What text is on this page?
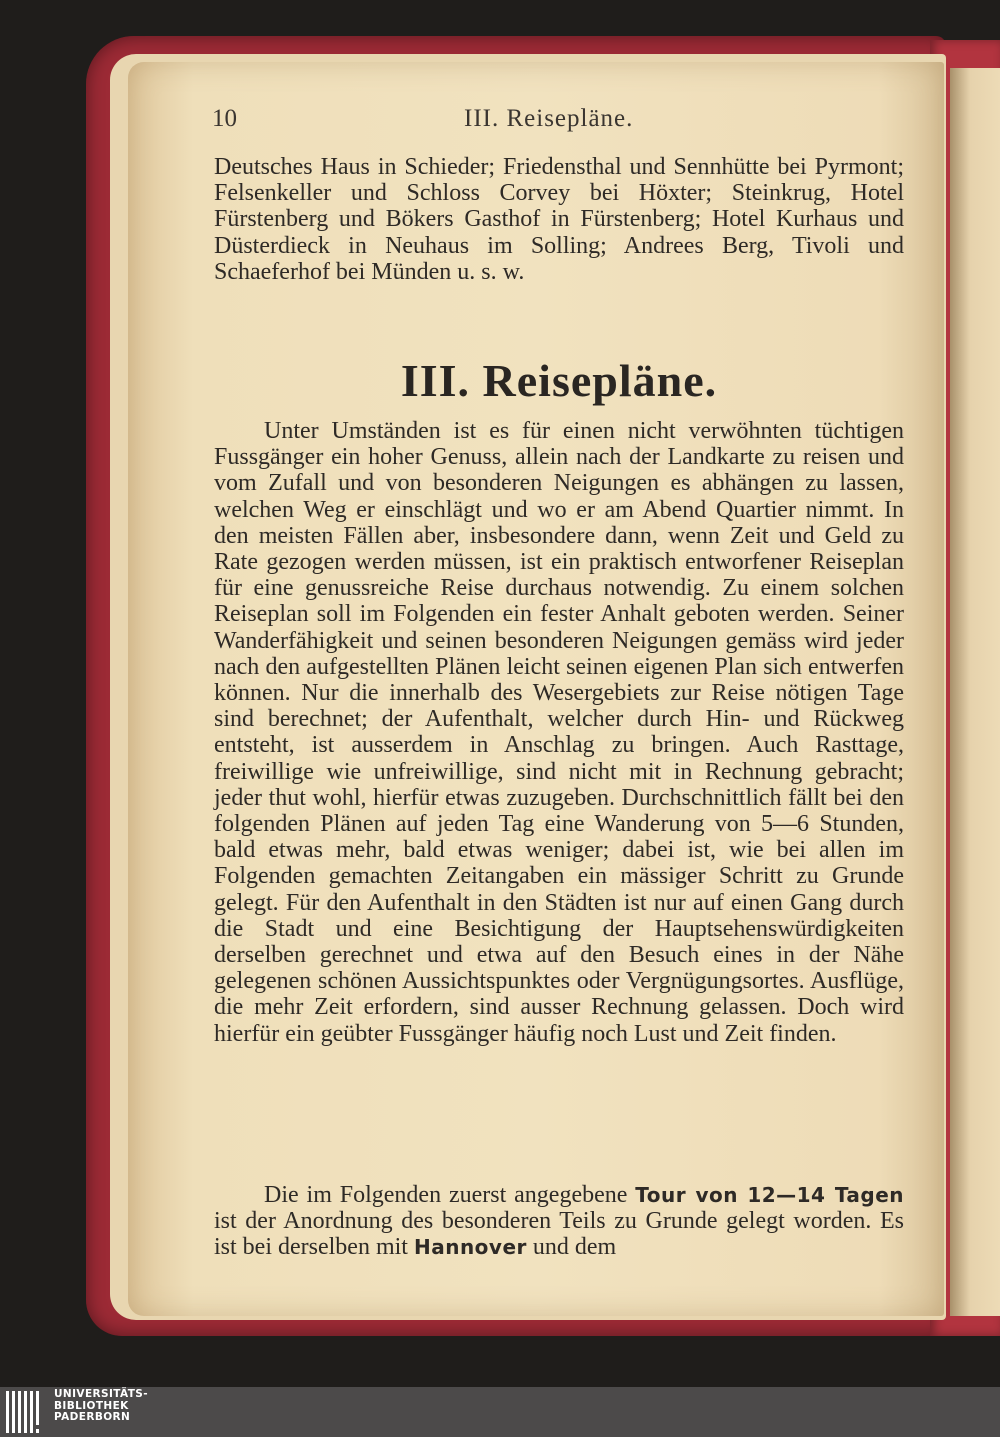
10	III. Reisepläne.
Deutsches Haus in Schieder; Friedensthal und Sennhütte bei Pyrmont; Felsenkeller und Schloss Corvey bei Höxter; Steinkrug, Hotel Fürstenberg und Bökers Gasthof in Fürstenberg; Hotel Kurhaus und Düsterdieck in Neuhaus im Solling; Andrees Berg, Tivoli und Schaeferhof bei Münden u. s. w.
III. Reisepläne.
Unter Umständen ist es für einen nicht verwöhnten tüchtigen Fussgänger ein hoher Genuss, allein nach der Landkarte zu reisen und vom Zufall und von besonderen Neigungen es abhängen zu lassen, welchen Weg er einschlägt und wo er am Abend Quartier nimmt. In den meisten Fällen aber, insbesondere dann, wenn Zeit und Geld zu Rate gezogen werden müssen, ist ein praktisch entworfener Reiseplan für eine genussreiche Reise durchaus notwendig. Zu einem solchen Reiseplan soll im Folgenden ein fester Anhalt geboten werden. Seiner Wanderfähigkeit und seinen besonderen Neigungen gemäss wird jeder nach den aufgestellten Plänen leicht seinen eigenen Plan sich entwerfen können. Nur die innerhalb des Wesergebiets zur Reise nötigen Tage sind berechnet; der Aufenthalt, welcher durch Hin- und Rückweg entsteht, ist ausserdem in Anschlag zu bringen. Auch Rasttage, freiwillige wie unfreiwillige, sind nicht mit in Rechnung gebracht; jeder thut wohl, hierfür etwas zuzugeben. Durchschnittlich fällt bei den folgenden Plänen auf jeden Tag eine Wanderung von 5—6 Stunden, bald etwas mehr, bald etwas weniger; dabei ist, wie bei allen im Folgenden gemachten Zeitangaben ein mässiger Schritt zu Grunde gelegt. Für den Aufenthalt in den Städten ist nur auf einen Gang durch die Stadt und eine Besichtigung der Hauptsehenswürdigkeiten derselben gerechnet und etwa auf den Besuch eines in der Nähe gelegenen schönen Aussichtspunktes oder Vergnügungsortes. Ausflüge, die mehr Zeit erfordern, sind ausser Rechnung gelassen. Doch wird hierfür ein geübter Fussgänger häufig noch Lust und Zeit finden.
Die im Folgenden zuerst angegebene Tour von 12—14 Tagen ist der Anordnung des besonderen Teils zu Grunde gelegt worden. Es ist bei derselben mit Hannover und dem
UNIVERSITÄTS-
BIBLIOTHEK
PADERBORN
